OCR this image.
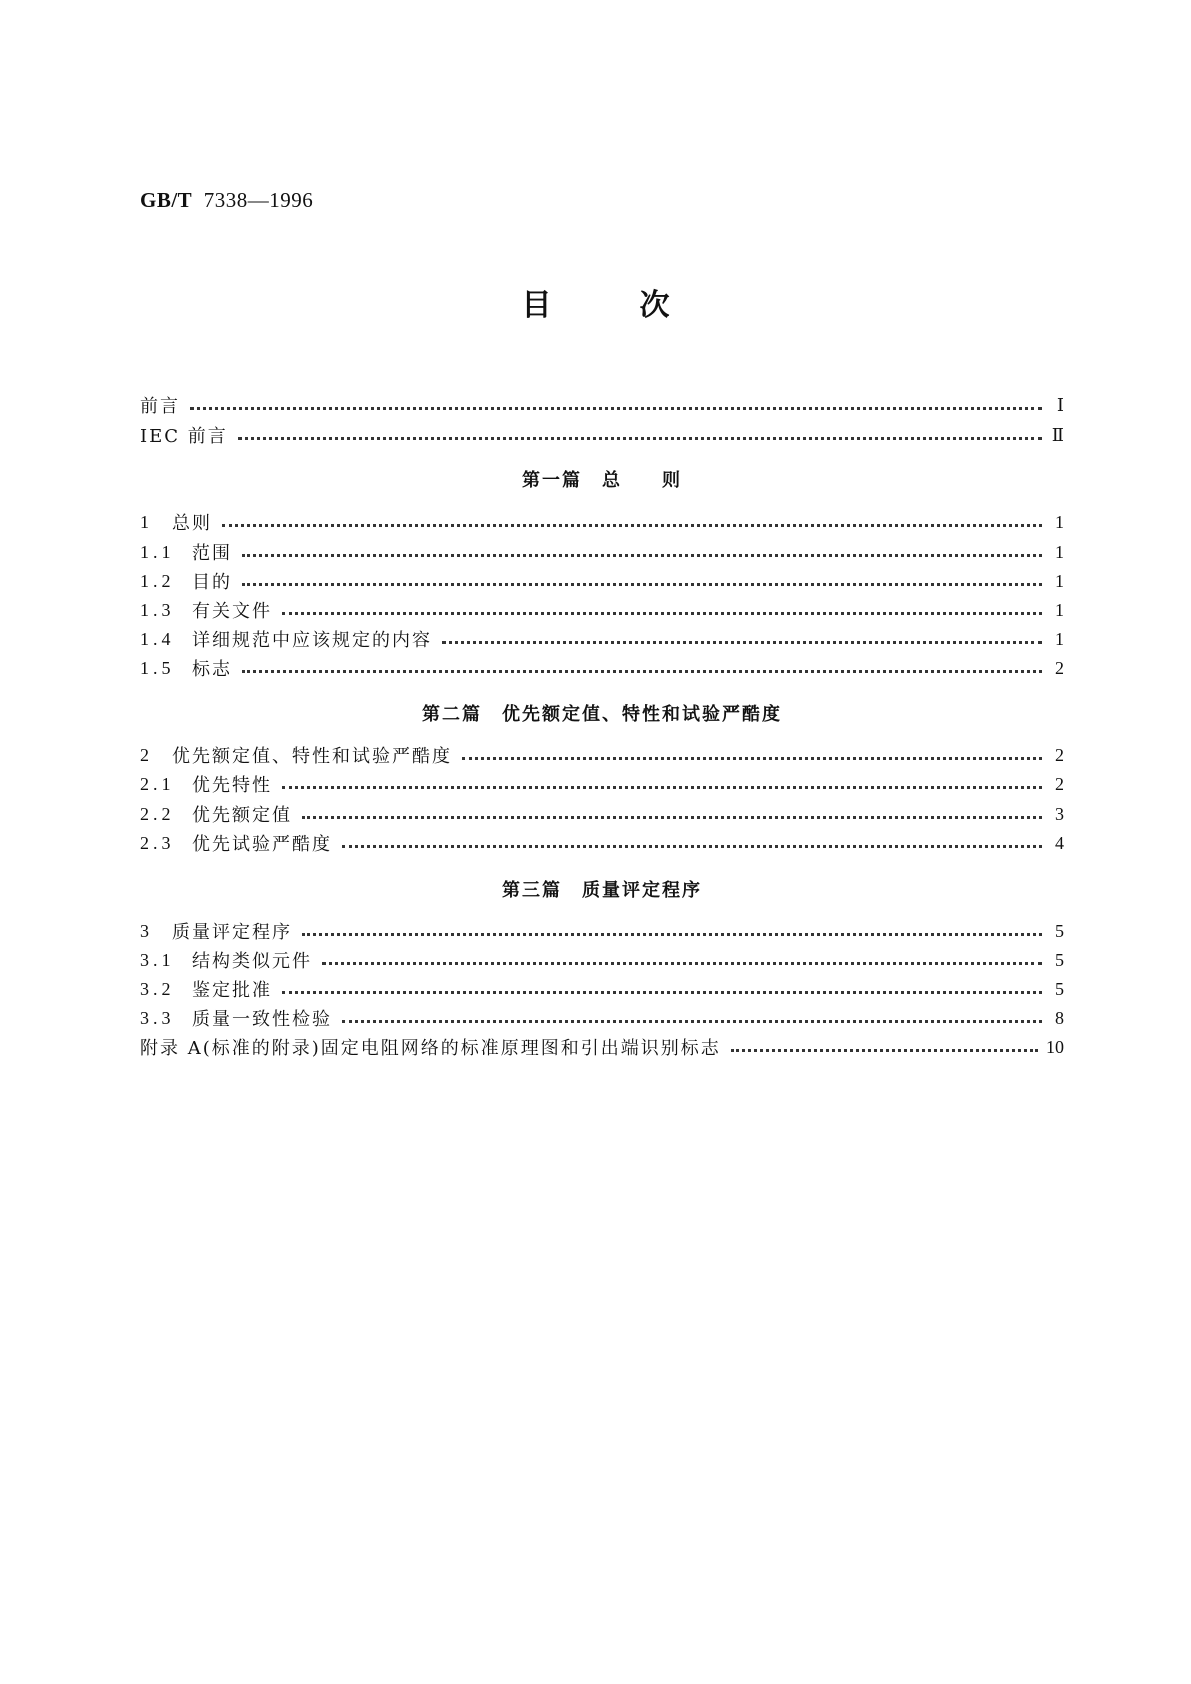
GB/T 7338—1996
目次
前言	Ⅰ
IEC 前言	Ⅱ
第一篇　总　　则
1	总则	1
1.1 范围	1
1.2 目的	1
1.3 有关文件	1
1.4 详细规范中应该规定的内容	1
1.5 标志	2
第二篇　优先额定值、特性和试验严酷度
2	优先额定值、特性和试验严酷度	2
2.1 优先特性	2
2.2 优先额定值	3
2.3 优先试验严酷度	4
第三篇　质量评定程序
3	质量评定程序	5
3.1 结构类似元件	5
3.2 鉴定批准	5
3.3 质量一致性检验	8
附录 A(标准的附录)固定电阻网络的标准原理图和引出端识别标志	10
